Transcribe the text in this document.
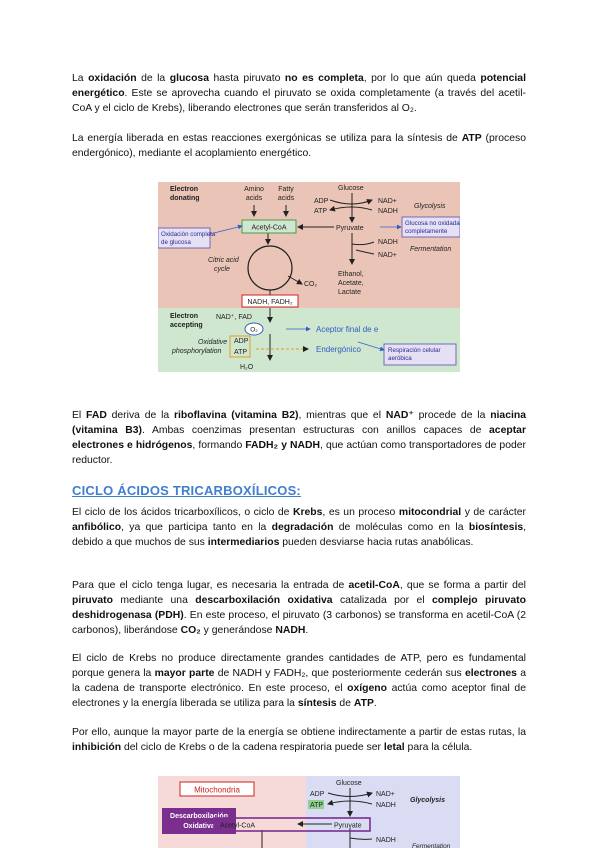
La oxidación de la glucosa hasta piruvato no es completa, por lo que aún queda potencial energético. Este se aprovecha cuando el piruvato se oxida completamente (a través del acetil-CoA y el ciclo de Krebs), liberando electrones que serán transferidos al O₂.

La energía liberada en estas reacciones exergónicas se utiliza para la síntesis de ATP (proceso endergónico), mediante el acoplamiento energético.

Electron donating
Amino acids
Fatty acids
Glucose
ADP
ATP
NAD+
NADH
Glycolysis
Pyruvate
NADH
NAD+
Fermentation
Citric acid cycle
CO₂
Ethanol, Acetate, Lactate
Electron accepting
NAD⁺, FAD
Oxidative phosphorylation
ADP
ATP
H₂O
Acetyl-CoA
Oxidación completa de glucosa
Glucosa no oxidada completamente
NADH, FADH₂
O₂	Aceptor final de e
Endergónico	Respiración celular aeróbica

El FAD deriva de la riboflavina (vitamina B2), mientras que el NAD⁺ procede de la niacina (vitamina B3). Ambas coenzimas presentan estructuras con anillos capaces de aceptar electrones e hidrógenos, formando FADH₂ y NADH, que actúan como transportadores de poder reductor.

CICLO ÁCIDOS TRICARBOXÍLICOS:

El ciclo de los ácidos tricarboxílicos, o ciclo de Krebs, es un proceso mitocondrial y de carácter anfibólico, ya que participa tanto en la degradación de moléculas como en la biosíntesis, debido a que muchos de sus intermediarios pueden desviarse hacia rutas anabólicas.

Para que el ciclo tenga lugar, es necesaria la entrada de acetil-CoA, que se forma a partir del piruvato mediante una descarboxilación oxidativa catalizada por el complejo piruvato deshidrogenasa (PDH). En este proceso, el piruvato (3 carbonos) se transforma en acetil-CoA (2 carbonos), liberándose CO₂ y generándose NADH.

El ciclo de Krebs no produce directamente grandes cantidades de ATP, pero es fundamental porque genera la mayor parte de NADH y FADH₂, que posteriormente cederán sus electrones a la cadena de transporte electrónico. En este proceso, el oxígeno actúa como aceptor final de electrones y la energía liberada se utiliza para la síntesis de ATP.

Por ello, aunque la mayor parte de la energía se obtiene indirectamente a partir de estas rutas, la inhibición del ciclo de Krebs o de la cadena respiratoria puede ser letal para la célula.

Mitochondria
Descarboxilación Oxidativa
Glucose
ADP
ATP
NAD+
NADH
Glycolysis
NADH
Fermentation
Acetyl-CoA	Pyruvate
